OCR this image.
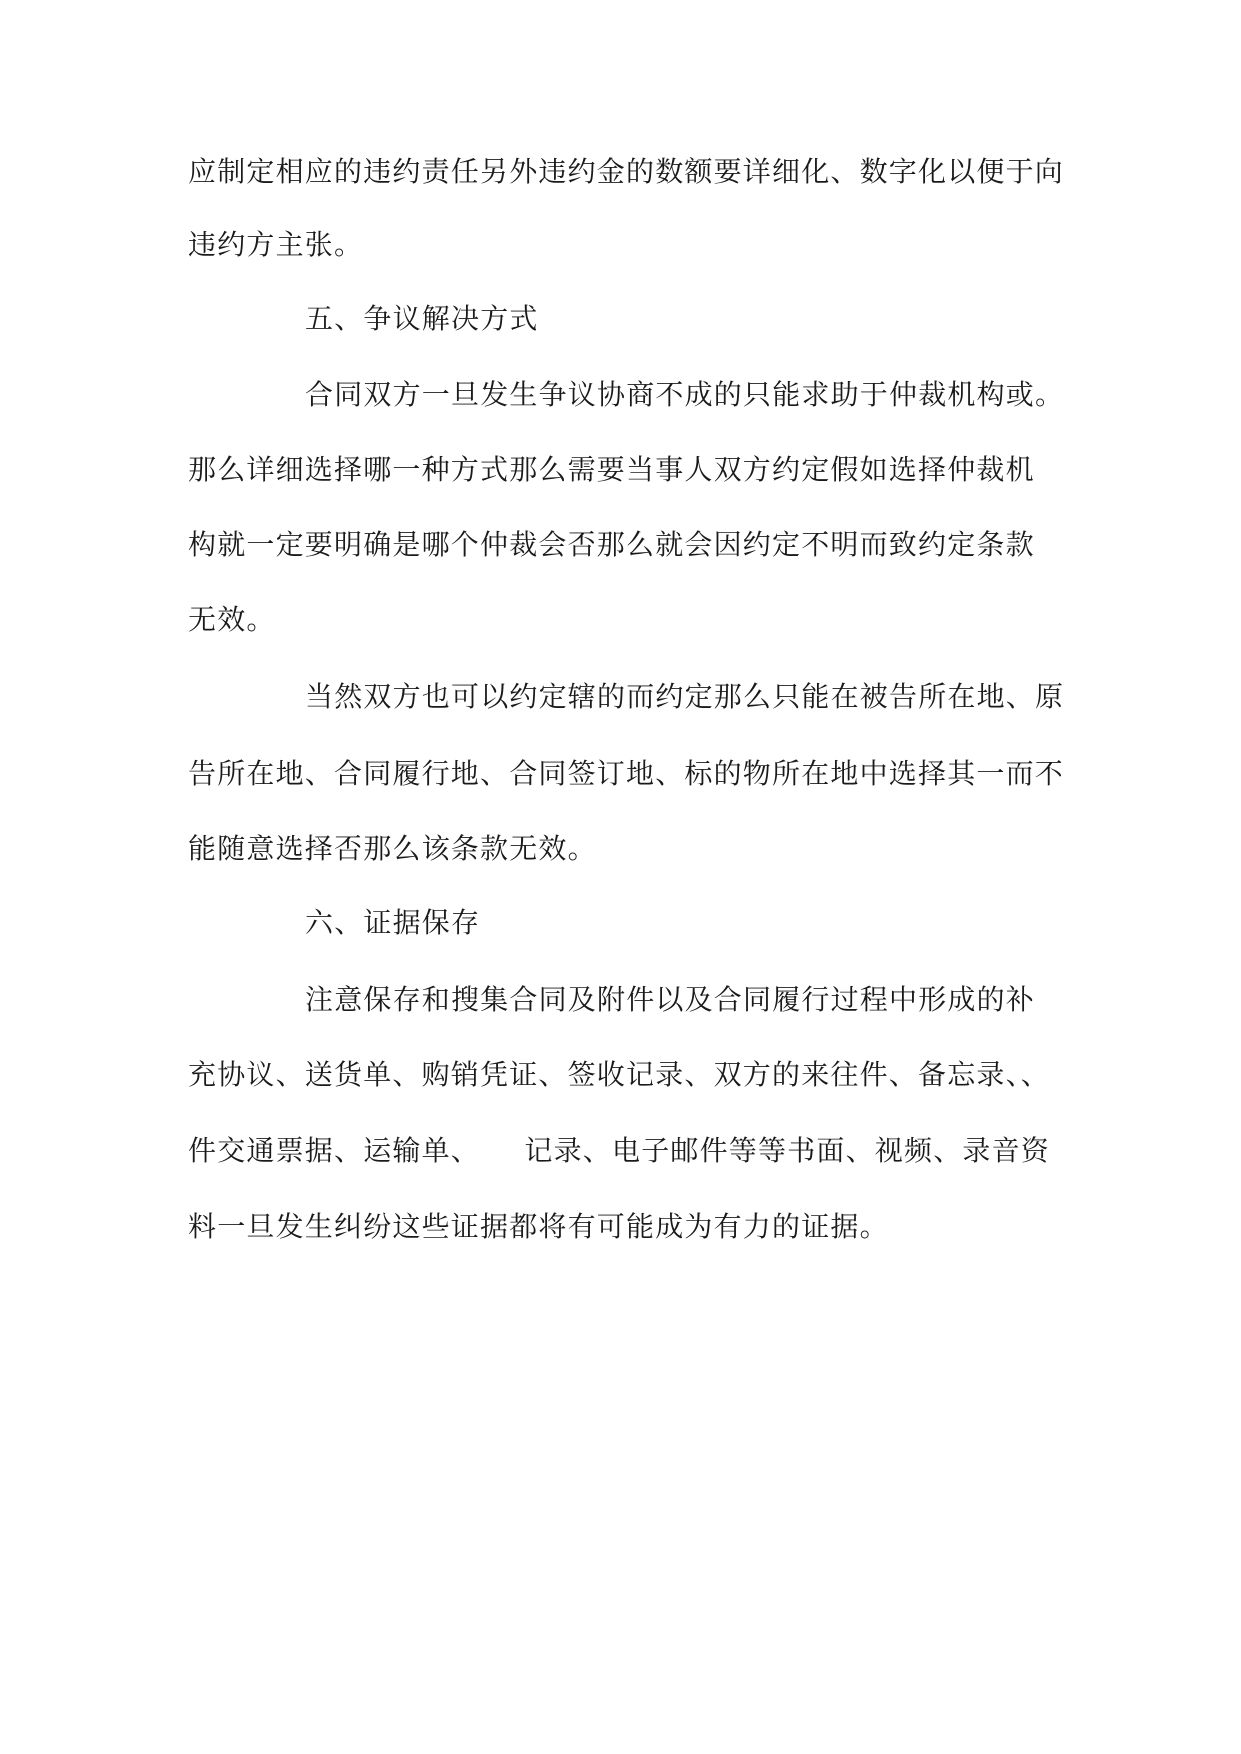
应制定相应的违约责任另外违约金的数额要详细化、数字化以便于向
违约方主张。
五、争议解决方式
合同双方一旦发生争议协商不成的只能求助于仲裁机构或。
那么详细选择哪一种方式那么需要当事人双方约定假如选择仲裁机
构就一定要明确是哪个仲裁会否那么就会因约定不明而致约定条款
无效。
当然双方也可以约定辖的而约定那么只能在被告所在地、原
告所在地、合同履行地、合同签订地、标的物所在地中选择其一而不
能随意选择否那么该条款无效。
六、证据保存
注意保存和搜集合同及附件以及合同履行过程中形成的补
充协议、送货单、购销凭证、签收记录、双方的来往件、备忘录、、
件交通票据、运输单、　　记录、电子邮件等等书面、视频、录音资
料一旦发生纠纷这些证据都将有可能成为有力的证据。
